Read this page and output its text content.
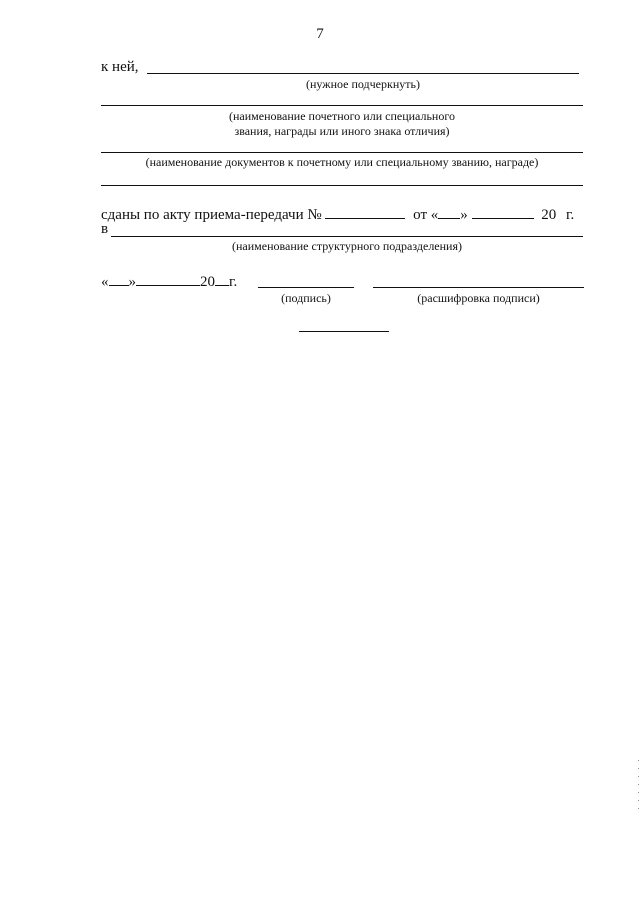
7
к ней,
(нужное подчеркнуть)
(наименование почетного или специального
звания, награды или иного знака отличия)
(наименование документов к почетному или специальному званию, награде)
сданы по акту приема-передачи №	от « »	20 г.
в
(наименование структурного подразделения)
« »	20 г.
(подпись)	(расшифровка подписи)
